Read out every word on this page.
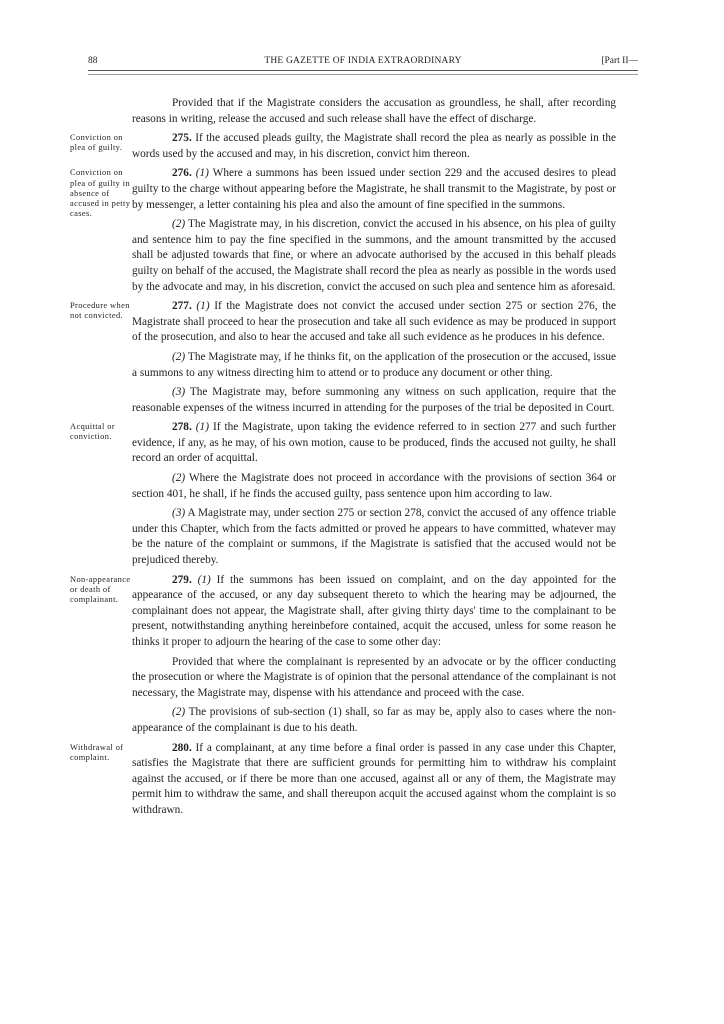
88	THE GAZETTE OF INDIA EXTRAORDINARY	[Part II—

Provided that if the Magistrate considers the accusation as groundless, he shall, after recording reasons in writing, release the accused and such release shall have the effect of discharge.

Conviction on plea of guilty.

275. If the accused pleads guilty, the Magistrate shall record the plea as nearly as possible in the words used by the accused and may, in his discretion, convict him thereon.

Conviction on plea of guilty in absence of accused in petty cases.

276. (1) Where a summons has been issued under section 229 and the accused desires to plead guilty to the charge without appearing before the Magistrate, he shall transmit to the Magistrate, by post or by messenger, a letter containing his plea and also the amount of fine specified in the summons.

(2) The Magistrate may, in his discretion, convict the accused in his absence, on his plea of guilty and sentence him to pay the fine specified in the summons, and the amount transmitted by the accused shall be adjusted towards that fine, or where an advocate authorised by the accused in this behalf pleads guilty on behalf of the accused, the Magistrate shall record the plea as nearly as possible in the words used by the advocate and may, in his discretion, convict the accused on such plea and sentence him as aforesaid.

Procedure when not convicted.

277. (1) If the Magistrate does not convict the accused under section 275 or section 276, the Magistrate shall proceed to hear the prosecution and take all such evidence as may be produced in support of the prosecution, and also to hear the accused and take all such evidence as he produces in his defence.

(2) The Magistrate may, if he thinks fit, on the application of the prosecution or the accused, issue a summons to any witness directing him to attend or to produce any document or other thing.

(3) The Magistrate may, before summoning any witness on such application, require that the reasonable expenses of the witness incurred in attending for the purposes of the trial be deposited in Court.

Acquittal or conviction.

278. (1) If the Magistrate, upon taking the evidence referred to in section 277 and such further evidence, if any, as he may, of his own motion, cause to be produced, finds the accused not guilty, he shall record an order of acquittal.

(2) Where the Magistrate does not proceed in accordance with the provisions of section 364 or section 401, he shall, if he finds the accused guilty, pass sentence upon him according to law.

(3) A Magistrate may, under section 275 or section 278, convict the accused of any offence triable under this Chapter, which from the facts admitted or proved he appears to have committed, whatever may be the nature of the complaint or summons, if the Magistrate is satisfied that the accused would not be prejudiced thereby.

Non-appearance or death of complainant.

279. (1) If the summons has been issued on complaint, and on the day appointed for the appearance of the accused, or any day subsequent thereto to which the hearing may be adjourned, the complainant does not appear, the Magistrate shall, after giving thirty days' time to the complainant to be present, notwithstanding anything hereinbefore contained, acquit the accused, unless for some reason he thinks it proper to adjourn the hearing of the case to some other day:

Provided that where the complainant is represented by an advocate or by the officer conducting the prosecution or where the Magistrate is of opinion that the personal attendance of the complainant is not necessary, the Magistrate may, dispense with his attendance and proceed with the case.

(2) The provisions of sub-section (1) shall, so far as may be, apply also to cases where the non-appearance of the complainant is due to his death.

Withdrawal of complaint.

280. If a complainant, at any time before a final order is passed in any case under this Chapter, satisfies the Magistrate that there are sufficient grounds for permitting him to withdraw his complaint against the accused, or if there be more than one accused, against all or any of them, the Magistrate may permit him to withdraw the same, and shall thereupon acquit the accused against whom the complaint is so withdrawn.
